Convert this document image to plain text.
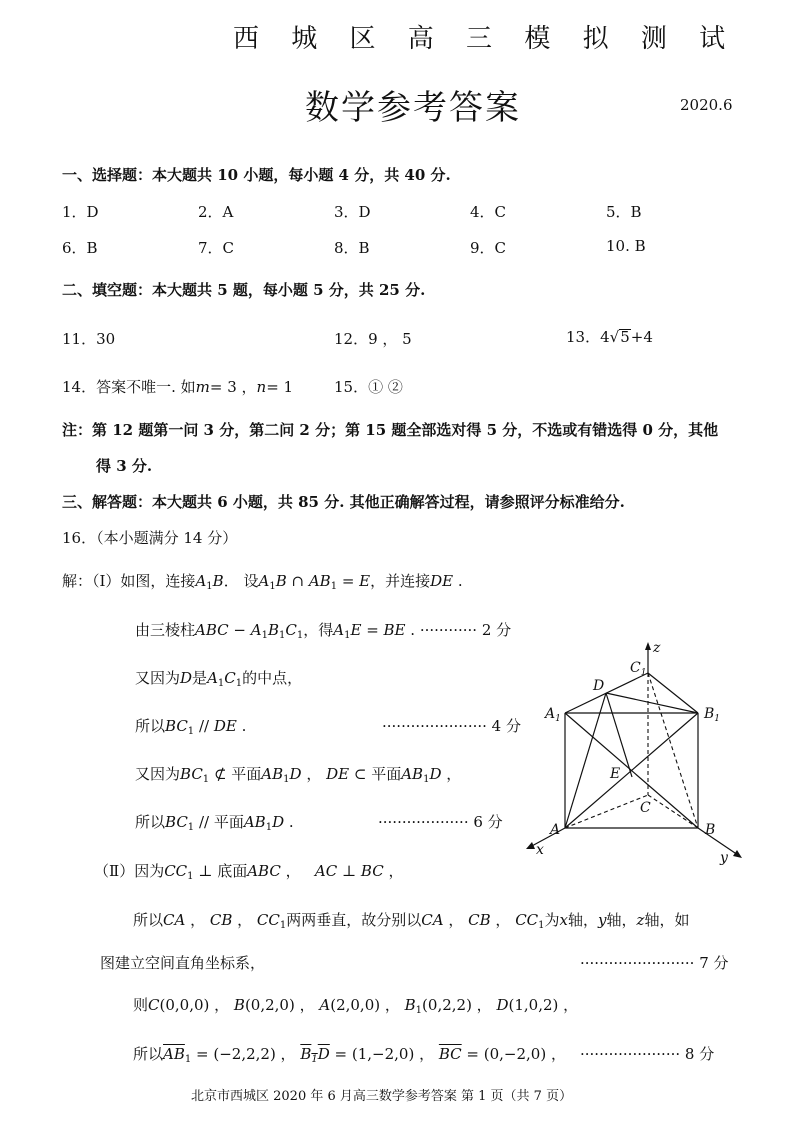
西 城 区 高 三 模 拟 测 试
数学参考答案	2020.6
一、选择题：本大题共 10 小题，每小题 4 分，共 40 分.
1．D	2．A	3．D	4．C	5．B
6．B	7．C	8．B	9．C	10. B
二、填空题：本大题共 5 题，每小题 5 分，共 25 分.
11．30	12．9 ， 5	13．4√5+4
14．答案不唯一. 如m= 3 ，n= 1	15．① ②
注：第 12 题第一问 3 分，第二问 2 分；第 15 题全部选对得 5 分，不选或有错选得 0 分，其他
得 3 分.
三、解答题：本大题共 6 小题，共 85 分. 其他正确解答过程，请参照评分标准给分.
16．（本小题满分 14 分）
解：（Ⅰ）如图，连接$A_1B$． 设$A_1B$ ∩ $AB_1 = E$，并连接DE .
由三棱柱ABC − $A_1B_1C_1$，得$A_1E$ = BE . ············ 2 分
又因为D是$A_1C_1$的中点，
所以$BC_1$ // DE .	······················ 4 分
又因为$BC_1$ ⊄ 平面$AB_1D$ ， DE ⊂ 平面$AB_1D$ ，
所以$BC_1$ // 平面$AB_1D$ .	··················· 6 分
（Ⅱ）因为$CC_1$ ⊥ 底面ABC ，   AC ⊥ BC ，
所以CA ， CB ， $CC_1$两两垂直，故分别以CA ， CB ， $CC_1$为x轴，y轴，z轴，如
图建立空间直角坐标系，	························ 7 分
则C(0,0,0) ， B(0,2,0) ， A(2,0,0) ， $B_1(0,2,2)$ ， D(1,0,2) ，
所以$\overline{AB}_1 = (-2,2,2)$ ， $B_1D = (1,-2,0)$ ， $\overline{BC} = (0,-2,0)$ ， ····················· 8 分
$C_1$
z
D
$A_1$	$B_1$
E
C
A	B
x	y
北京市西城区 2020 年 6 月高三数学参考答案 第 1 页（共 7 页）
